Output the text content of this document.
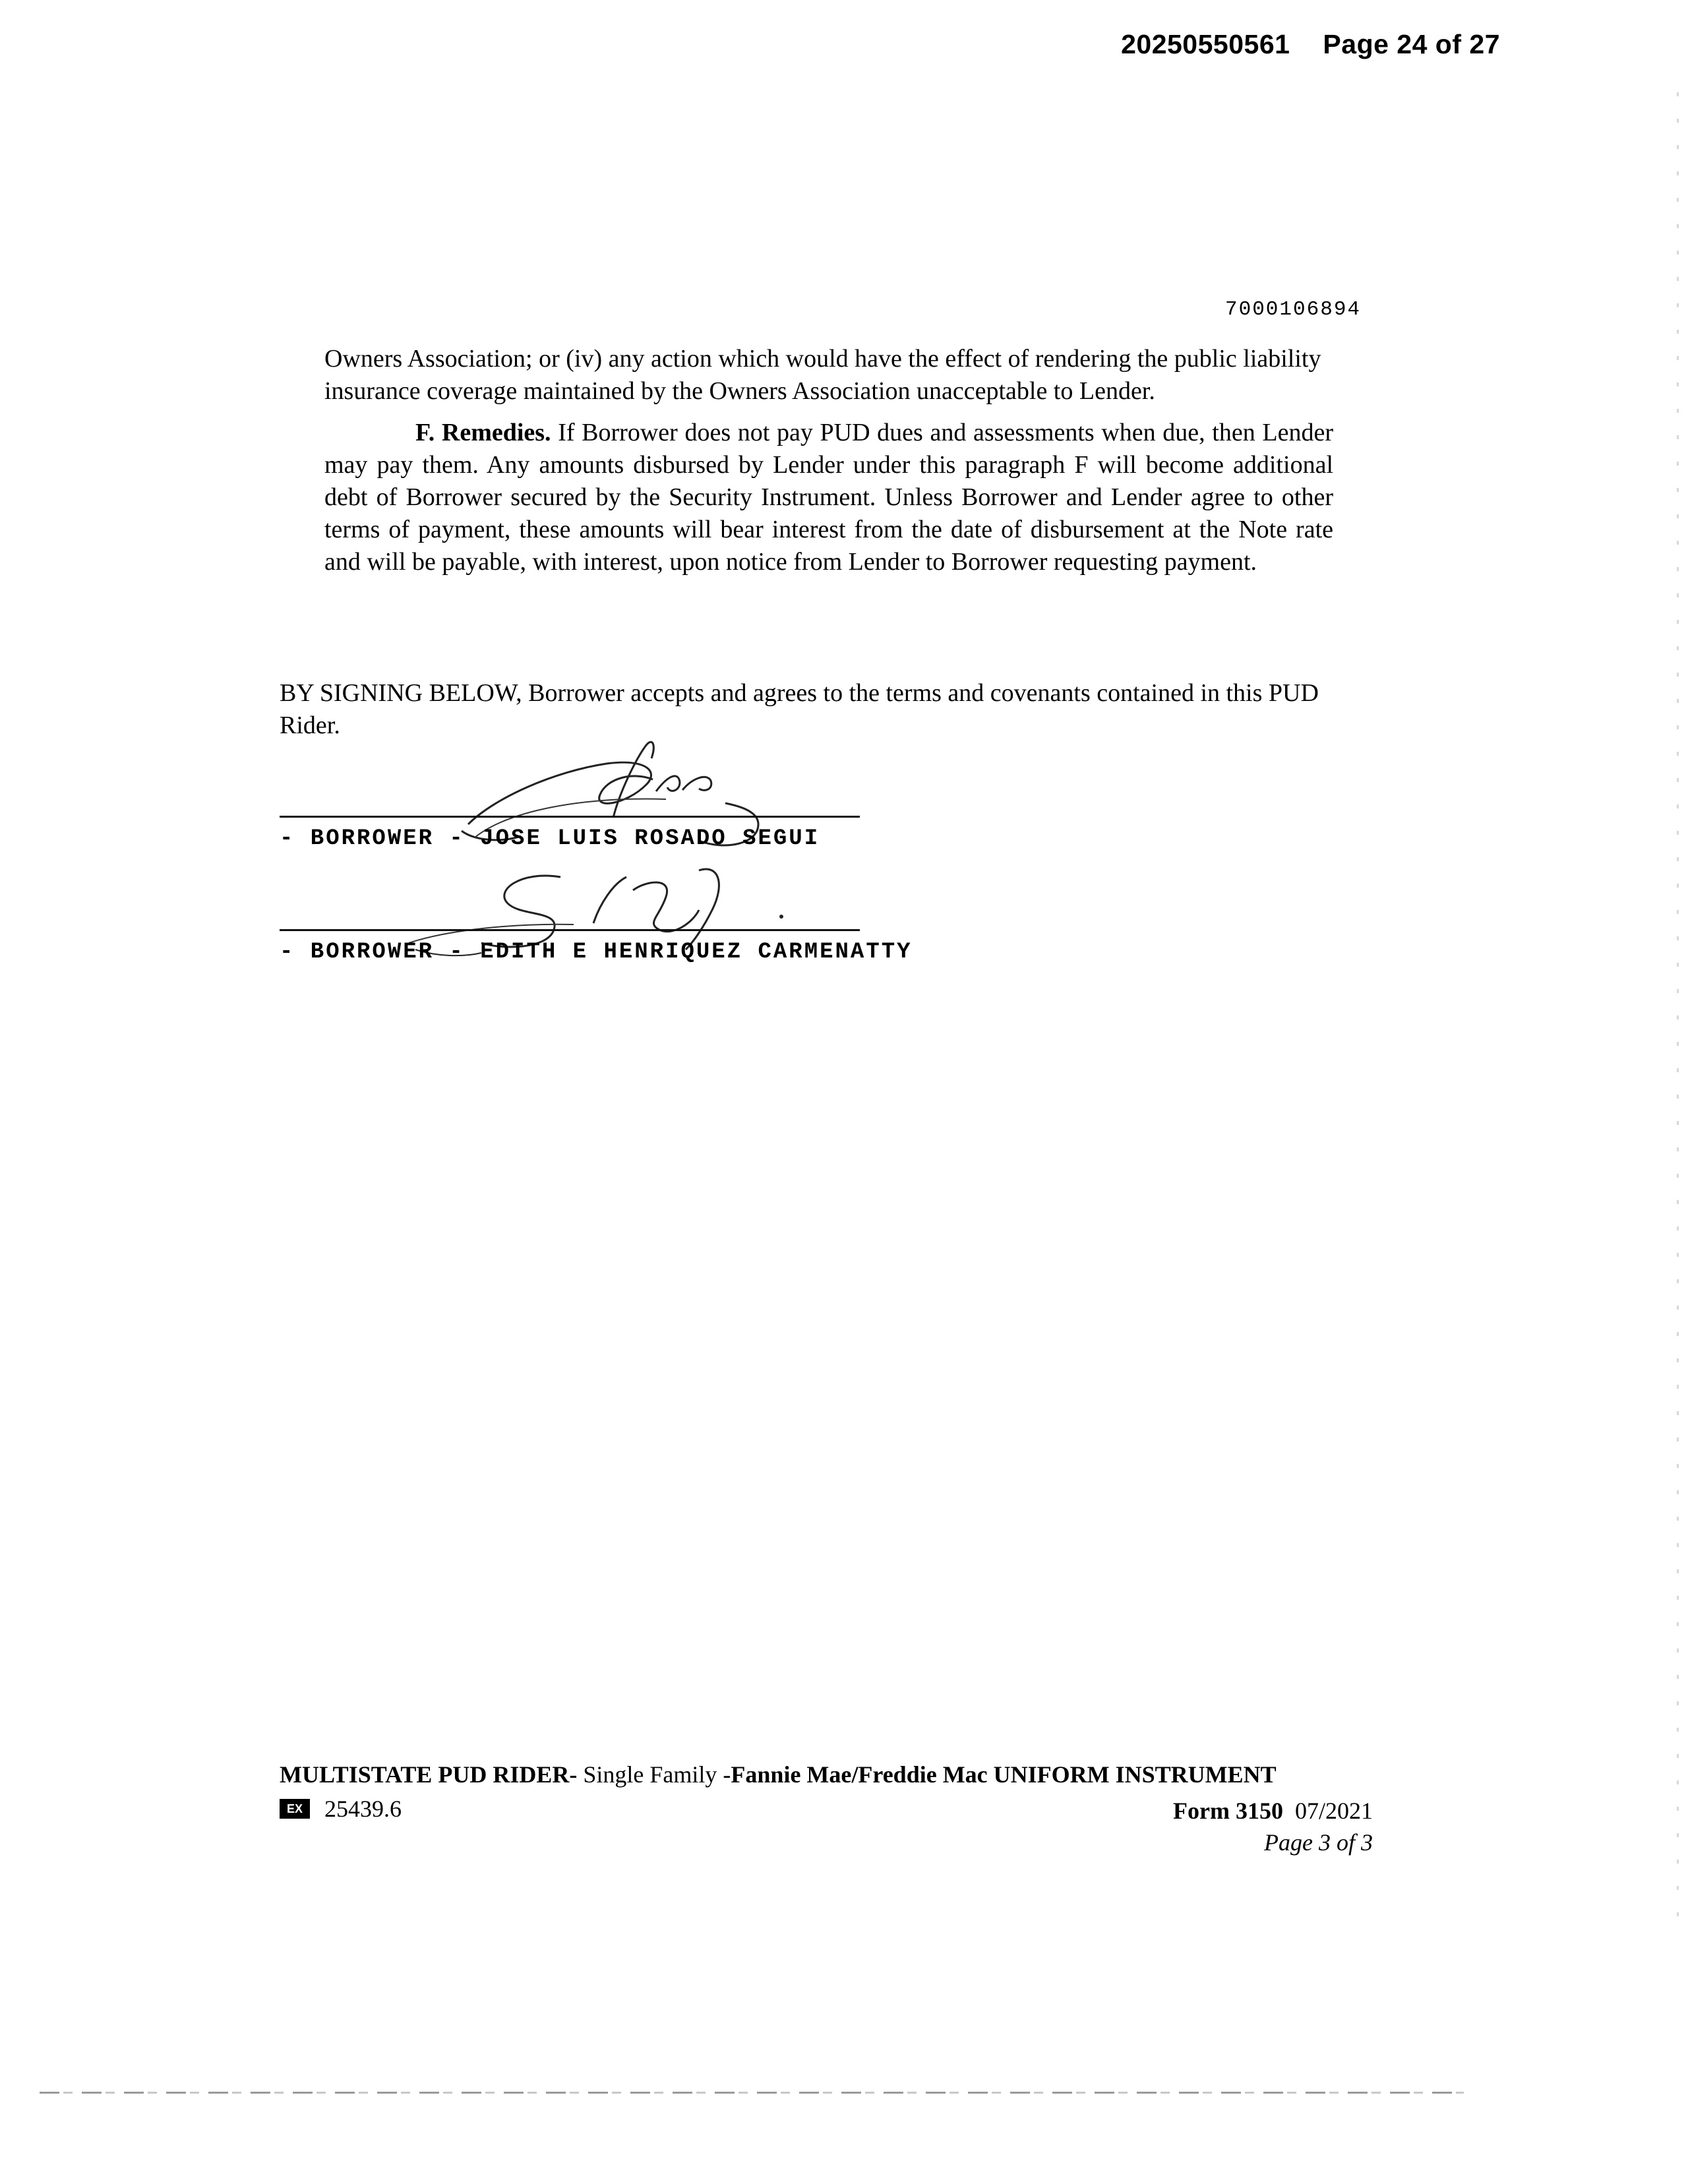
20250550561 Page 24 of 27
7000106894
Owners Association; or (iv) any action which would have the effect of rendering the public liability insurance coverage maintained by the Owners Association unacceptable to Lender.
F. Remedies. If Borrower does not pay PUD dues and assessments when due, then Lender may pay them. Any amounts disbursed by Lender under this paragraph F will become additional debt of Borrower secured by the Security Instrument. Unless Borrower and Lender agree to other terms of payment, these amounts will bear interest from the date of disbursement at the Note rate and will be payable, with interest, upon notice from Lender to Borrower requesting payment.
BY SIGNING BELOW, Borrower accepts and agrees to the terms and covenants contained in this PUD Rider.
- BORROWER - JOSE LUIS ROSADO SEGUI
- BORROWER - EDITH E HENRIQUEZ CARMENATTY
MULTISTATE PUD RIDER- Single Family -Fannie Mae/Freddie Mac UNIFORM INSTRUMENT
EX 25439.6	Form 3150 07/2021
Page 3 of 3
